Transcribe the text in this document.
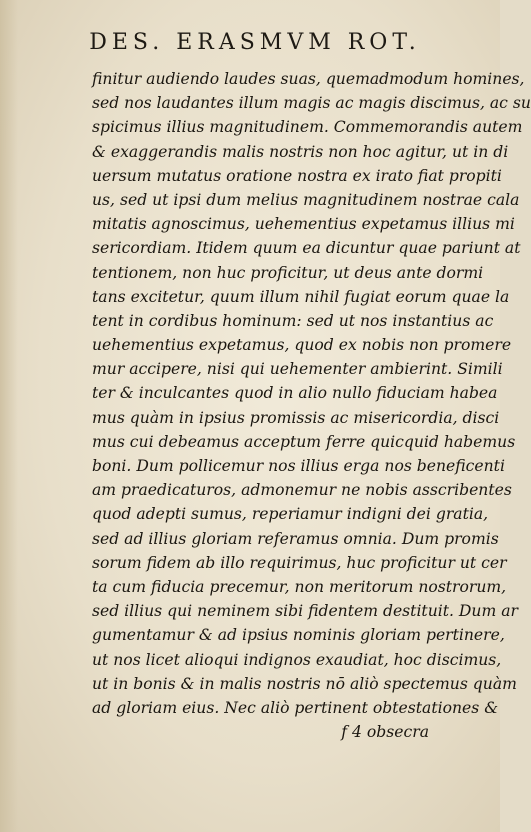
DES. ERASMVM ROT.
finitur audiendo laudes suas, quemadmodum homines,
sed nos laudantes illum magis ac magis discimus, ac su
spicimus illius magnitudinem. Commemorandis autem
& exaggerandis malis nostris non hoc agitur, ut in di
uersum mutatus oratione nostra ex irato fiat propiti
us, sed ut ipsi dum melius magnitudinem nostrae cala
mitatis agnoscimus, uehementius expetamus illius mi
sericordiam. Itidem quum ea dicuntur quae pariunt at
tentionem, non huc proficitur, ut deus ante dormi
tans excitetur, quum illum nihil fugiat eorum quae la
tent in cordibus hominum: sed ut nos instantius ac
uehementius expetamus, quod ex nobis non promere
mur accipere, nisi qui uehementer ambierint. Simili
ter & inculcantes quod in alio nullo fiduciam habea
mus quàm in ipsius promissis ac misericordia, disci
mus cui debeamus acceptum ferre quicquid habemus
boni. Dum pollicemur nos illius erga nos beneficenti
am praedicaturos, admonemur ne nobis asscribentes
quod adepti sumus, reperiamur indigni dei gratia,
sed ad illius gloriam referamus omnia. Dum promis
sorum fidem ab illo requirimus, huc proficitur ut cer
ta cum fiducia precemur, non meritorum nostrorum,
sed illius qui neminem sibi fidentem destituit. Dum ar
gumentamur & ad ipsius nominis gloriam pertinere,
ut nos licet alioqui indignos exaudiat, hoc discimus,
ut in bonis & in malis nostris nō aliò spectemus quàm
ad gloriam eius. Nec aliò pertinent obtestationes &
f 4 obsecra
